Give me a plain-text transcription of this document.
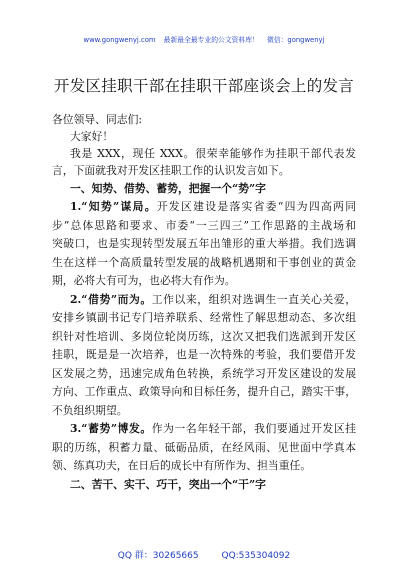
www.gongwenyj.com 最新最全最专业的公文资料库！ 微信：gongwenyj
开发区挂职干部在挂职干部座谈会上的发言
各位领导、同志们:
大家好！
我是 XXX，现任 XXX。很荣幸能够作为挂职干部代表发
言，下面就我对开发区挂职工作的认识发言如下。
一、知势、借势、蓄势，把握一个“势”字
1.“知势”谋局。开发区建设是落实省委“四为四高两同
步”总体思路和要求、市委“一三四三”工作思路的主战场和
突破口，也是实现转型发展五年出雏形的重大举措。我们选调
生在这样一个高质量转型发展的战略机遇期和干事创业的黄金
期，必将大有可为，也必将大有作为。
2.“借势”而为。工作以来，组织对选调生一直关心关爱，
安排乡镇副书记专门培养联系、经常性了解思想动态、多次组
织针对性培训、多岗位轮岗历练，这次又把我们选派到开发区
挂职，既是是一次培养，也是一次特殊的考验，我们要借开发
区发展之势，迅速完成角色转换，系统学习开发区建设的发展
方向、工作重点、政策导向和目标任务，提升自己，踏实干事，
不负组织期望。
3.“蓄势”博发。作为一名年轻干部，我们要通过开发区挂
职的历练，积蓄力量、砥砺品质，在经风雨、见世面中学真本
领、练真功夫，在日后的成长中有所作为、担当重任。
二、苦干、实干、巧干，突出一个“干”字
QQ 群：30265665	QQ:535304092
